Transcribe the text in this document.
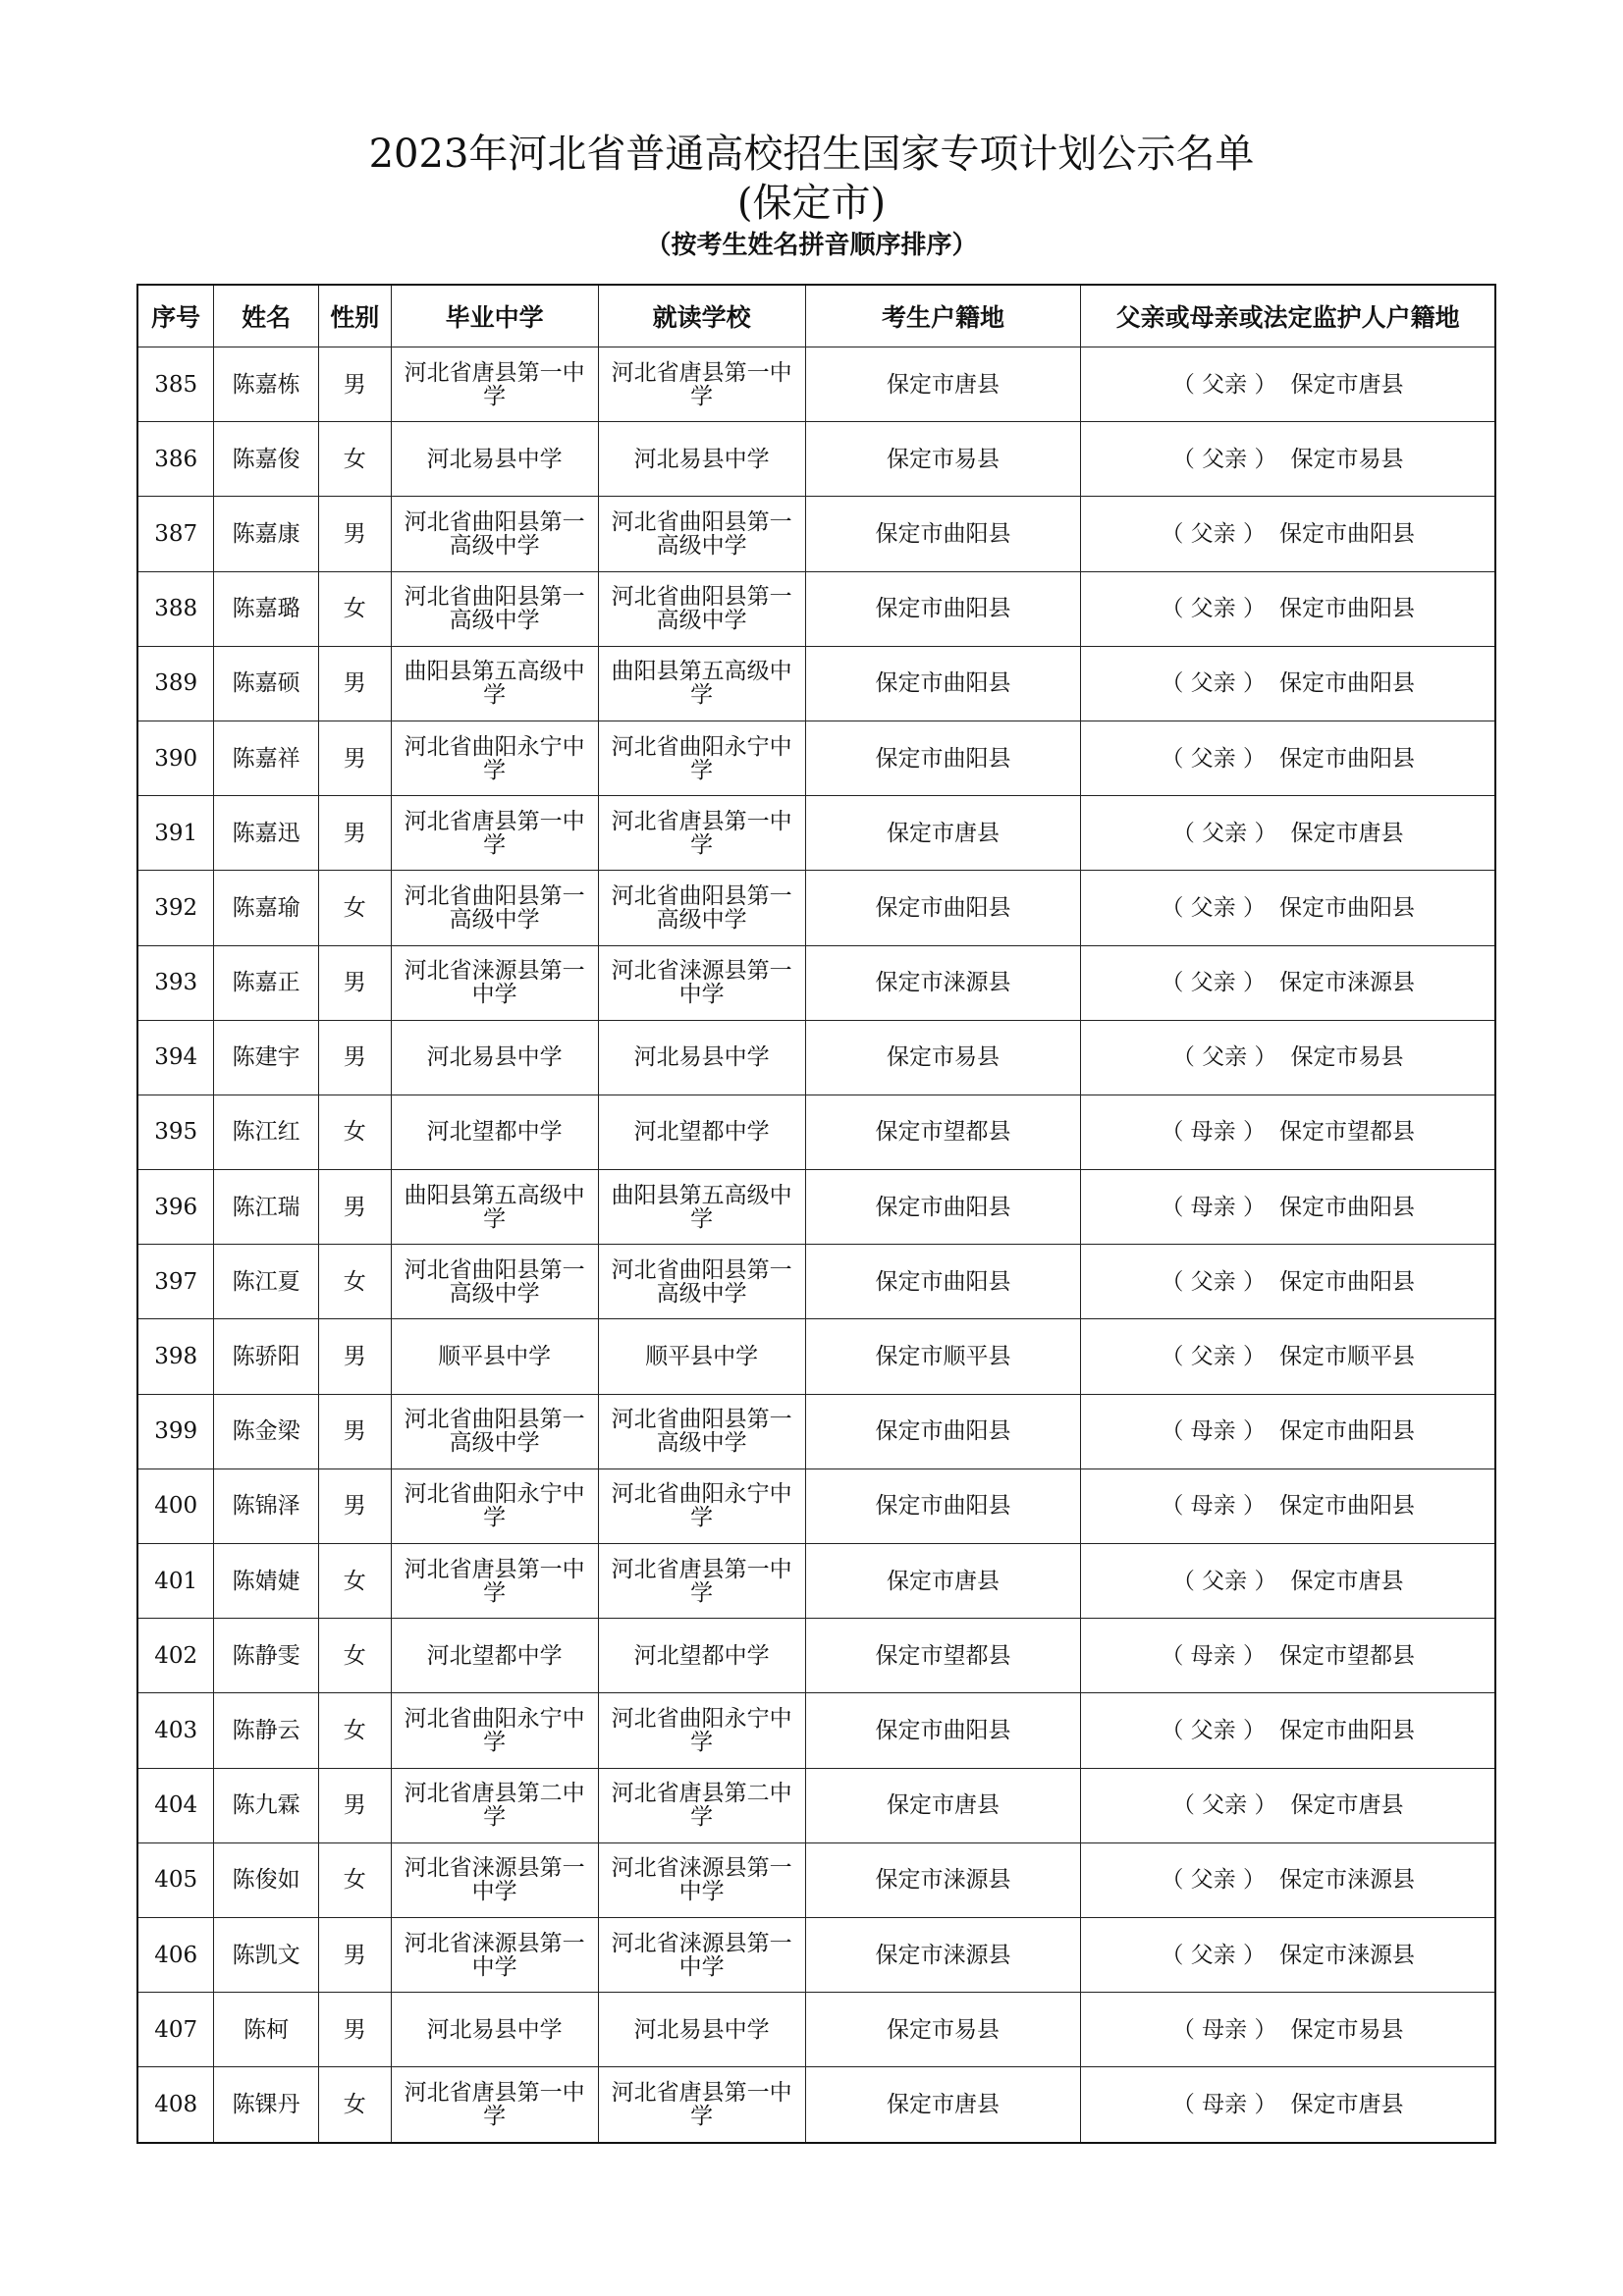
2023年河北省普通高校招生国家专项计划公示名单
(保定市)
（按考生姓名拼音顺序排序）
序号	姓名	性别	毕业中学	就读学校	考生户籍地	父亲或母亲或法定监护人户籍地
385	陈嘉栋	男	河北省唐县第一中学	河北省唐县第一中学	保定市唐县	（ 父亲 ） 保定市唐县
386	陈嘉俊	女	河北易县中学	河北易县中学	保定市易县	（ 父亲 ） 保定市易县
387	陈嘉康	男	河北省曲阳县第一高级中学	河北省曲阳县第一高级中学	保定市曲阳县	（ 父亲 ） 保定市曲阳县
388	陈嘉璐	女	河北省曲阳县第一高级中学	河北省曲阳县第一高级中学	保定市曲阳县	（ 父亲 ） 保定市曲阳县
389	陈嘉硕	男	曲阳县第五高级中学	曲阳县第五高级中学	保定市曲阳县	（ 父亲 ） 保定市曲阳县
390	陈嘉祥	男	河北省曲阳永宁中学	河北省曲阳永宁中学	保定市曲阳县	（ 父亲 ） 保定市曲阳县
391	陈嘉迅	男	河北省唐县第一中学	河北省唐县第一中学	保定市唐县	（ 父亲 ） 保定市唐县
392	陈嘉瑜	女	河北省曲阳县第一高级中学	河北省曲阳县第一高级中学	保定市曲阳县	（ 父亲 ） 保定市曲阳县
393	陈嘉正	男	河北省涞源县第一中学	河北省涞源县第一中学	保定市涞源县	（ 父亲 ） 保定市涞源县
394	陈建宇	男	河北易县中学	河北易县中学	保定市易县	（ 父亲 ） 保定市易县
395	陈江红	女	河北望都中学	河北望都中学	保定市望都县	（ 母亲 ） 保定市望都县
396	陈江瑞	男	曲阳县第五高级中学	曲阳县第五高级中学	保定市曲阳县	（ 母亲 ） 保定市曲阳县
397	陈江夏	女	河北省曲阳县第一高级中学	河北省曲阳县第一高级中学	保定市曲阳县	（ 父亲 ） 保定市曲阳县
398	陈骄阳	男	顺平县中学	顺平县中学	保定市顺平县	（ 父亲 ） 保定市顺平县
399	陈金梁	男	河北省曲阳县第一高级中学	河北省曲阳县第一高级中学	保定市曲阳县	（ 母亲 ） 保定市曲阳县
400	陈锦泽	男	河北省曲阳永宁中学	河北省曲阳永宁中学	保定市曲阳县	（ 母亲 ） 保定市曲阳县
401	陈婧婕	女	河北省唐县第一中学	河北省唐县第一中学	保定市唐县	（ 父亲 ） 保定市唐县
402	陈静雯	女	河北望都中学	河北望都中学	保定市望都县	（ 母亲 ） 保定市望都县
403	陈静云	女	河北省曲阳永宁中学	河北省曲阳永宁中学	保定市曲阳县	（ 父亲 ） 保定市曲阳县
404	陈九霖	男	河北省唐县第二中学	河北省唐县第二中学	保定市唐县	（ 父亲 ） 保定市唐县
405	陈俊如	女	河北省涞源县第一中学	河北省涞源县第一中学	保定市涞源县	（ 父亲 ） 保定市涞源县
406	陈凯文	男	河北省涞源县第一中学	河北省涞源县第一中学	保定市涞源县	（ 父亲 ） 保定市涞源县
407	陈柯	男	河北易县中学	河北易县中学	保定市易县	（ 母亲 ） 保定市易县
408	陈锞丹	女	河北省唐县第一中学	河北省唐县第一中学	保定市唐县	（ 母亲 ） 保定市唐县
